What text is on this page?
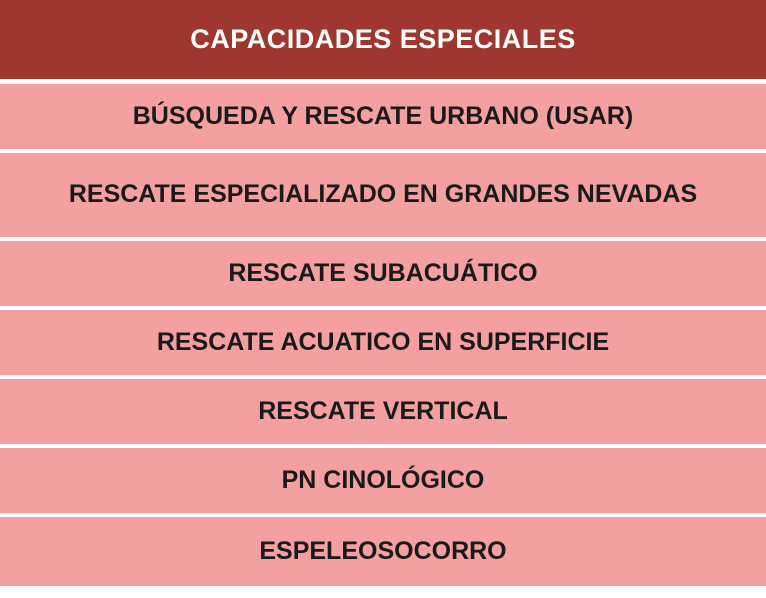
CAPACIDADES ESPECIALES
BÚSQUEDA Y RESCATE URBANO (USAR)
RESCATE ESPECIALIZADO EN GRANDES NEVADAS
RESCATE SUBACUÁTICO
RESCATE ACUATICO EN SUPERFICIE
RESCATE VERTICAL
PN CINOLÓGICO
ESPELEOSOCORRO
